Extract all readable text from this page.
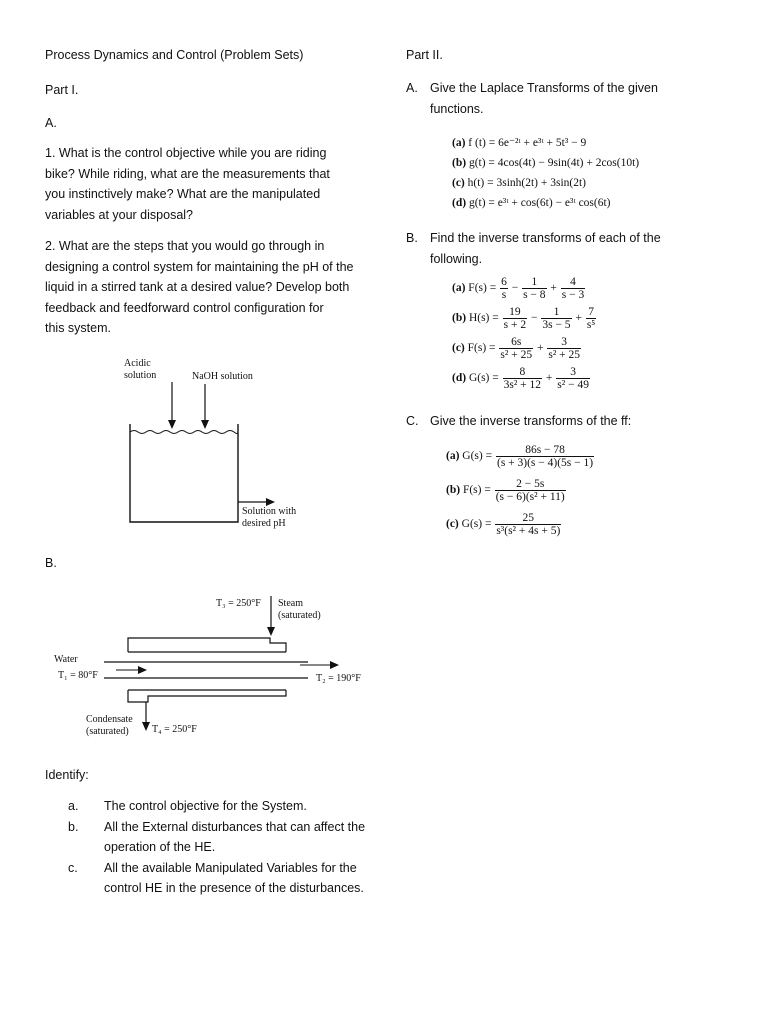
Process Dynamics and Control (Problem Sets)

Part I.

A.

1. What is the control objective while you are riding
bike? While riding, what are the measurements that
you instinctively make? What are the manipulated
variables at your disposal?
2. What are the steps that you would go through in
designing a control system for maintaining the pH of the
liquid in a stirred tank at a desired value? Develop both
feedback and feedforward control configuration for
this system.
Acidic
solution	NaOH solution
Solution with
desired pH

B.

T₃ = 250°F Steam
(saturated)
Water
T₁ = 80°F	T₂ = 190°F
Condensate
(saturated) T₄ = 250°F

Identify:

a.	The control objective for the System.
b.	All the External disturbances that can affect the
operation of the HE.
c.	All the available Manipulated Variables for the
control HE in the presence of the disturbances.

Part II.

A. Give the Laplace Transforms of the given
functions.
(a) f (t) = 6e⁻²ᵗ + e³ᵗ + 5t³ − 9
(b) g(t) = 4cos(4t) − 9sin(4t) + 2cos(10t)
(c) h(t) = 3sinh(2t) + 3sin(2t)
(d) g(t) = e³ᵗ + cos(6t) − e³ᵗ cos(6t)
B. Find the inverse transforms of each of the
following.
(a) $F(s) = \frac{6}{s} - \frac{1}{s - 8} + \frac{4}{s - 3}$
(b) $H(s) = \frac{19}{s + 2} - \frac{1}{3s - 5} + \frac{7}{\text{s⁵}}$
(c) $F(s) = \frac{6s}{\text{s² + 25}} + \frac{3}{\text{s² + 25}}$
(d) $G(s) = \frac{8}{\text{3s² + 12}} + \frac{3}{\text{s² − 49}}$
C. Give the inverse transforms of the ff:
(a) $G(s) = \frac{86s - 78}{(s + 3)(s - 4)(5s - 1)}$
(b) $F(s) = \frac{2 - 5s}{\text{(s − 6)(s² + 11)}}$
(c) $G(s) = \frac{25}{\text{s³(s² + 4s + 5)}}$
